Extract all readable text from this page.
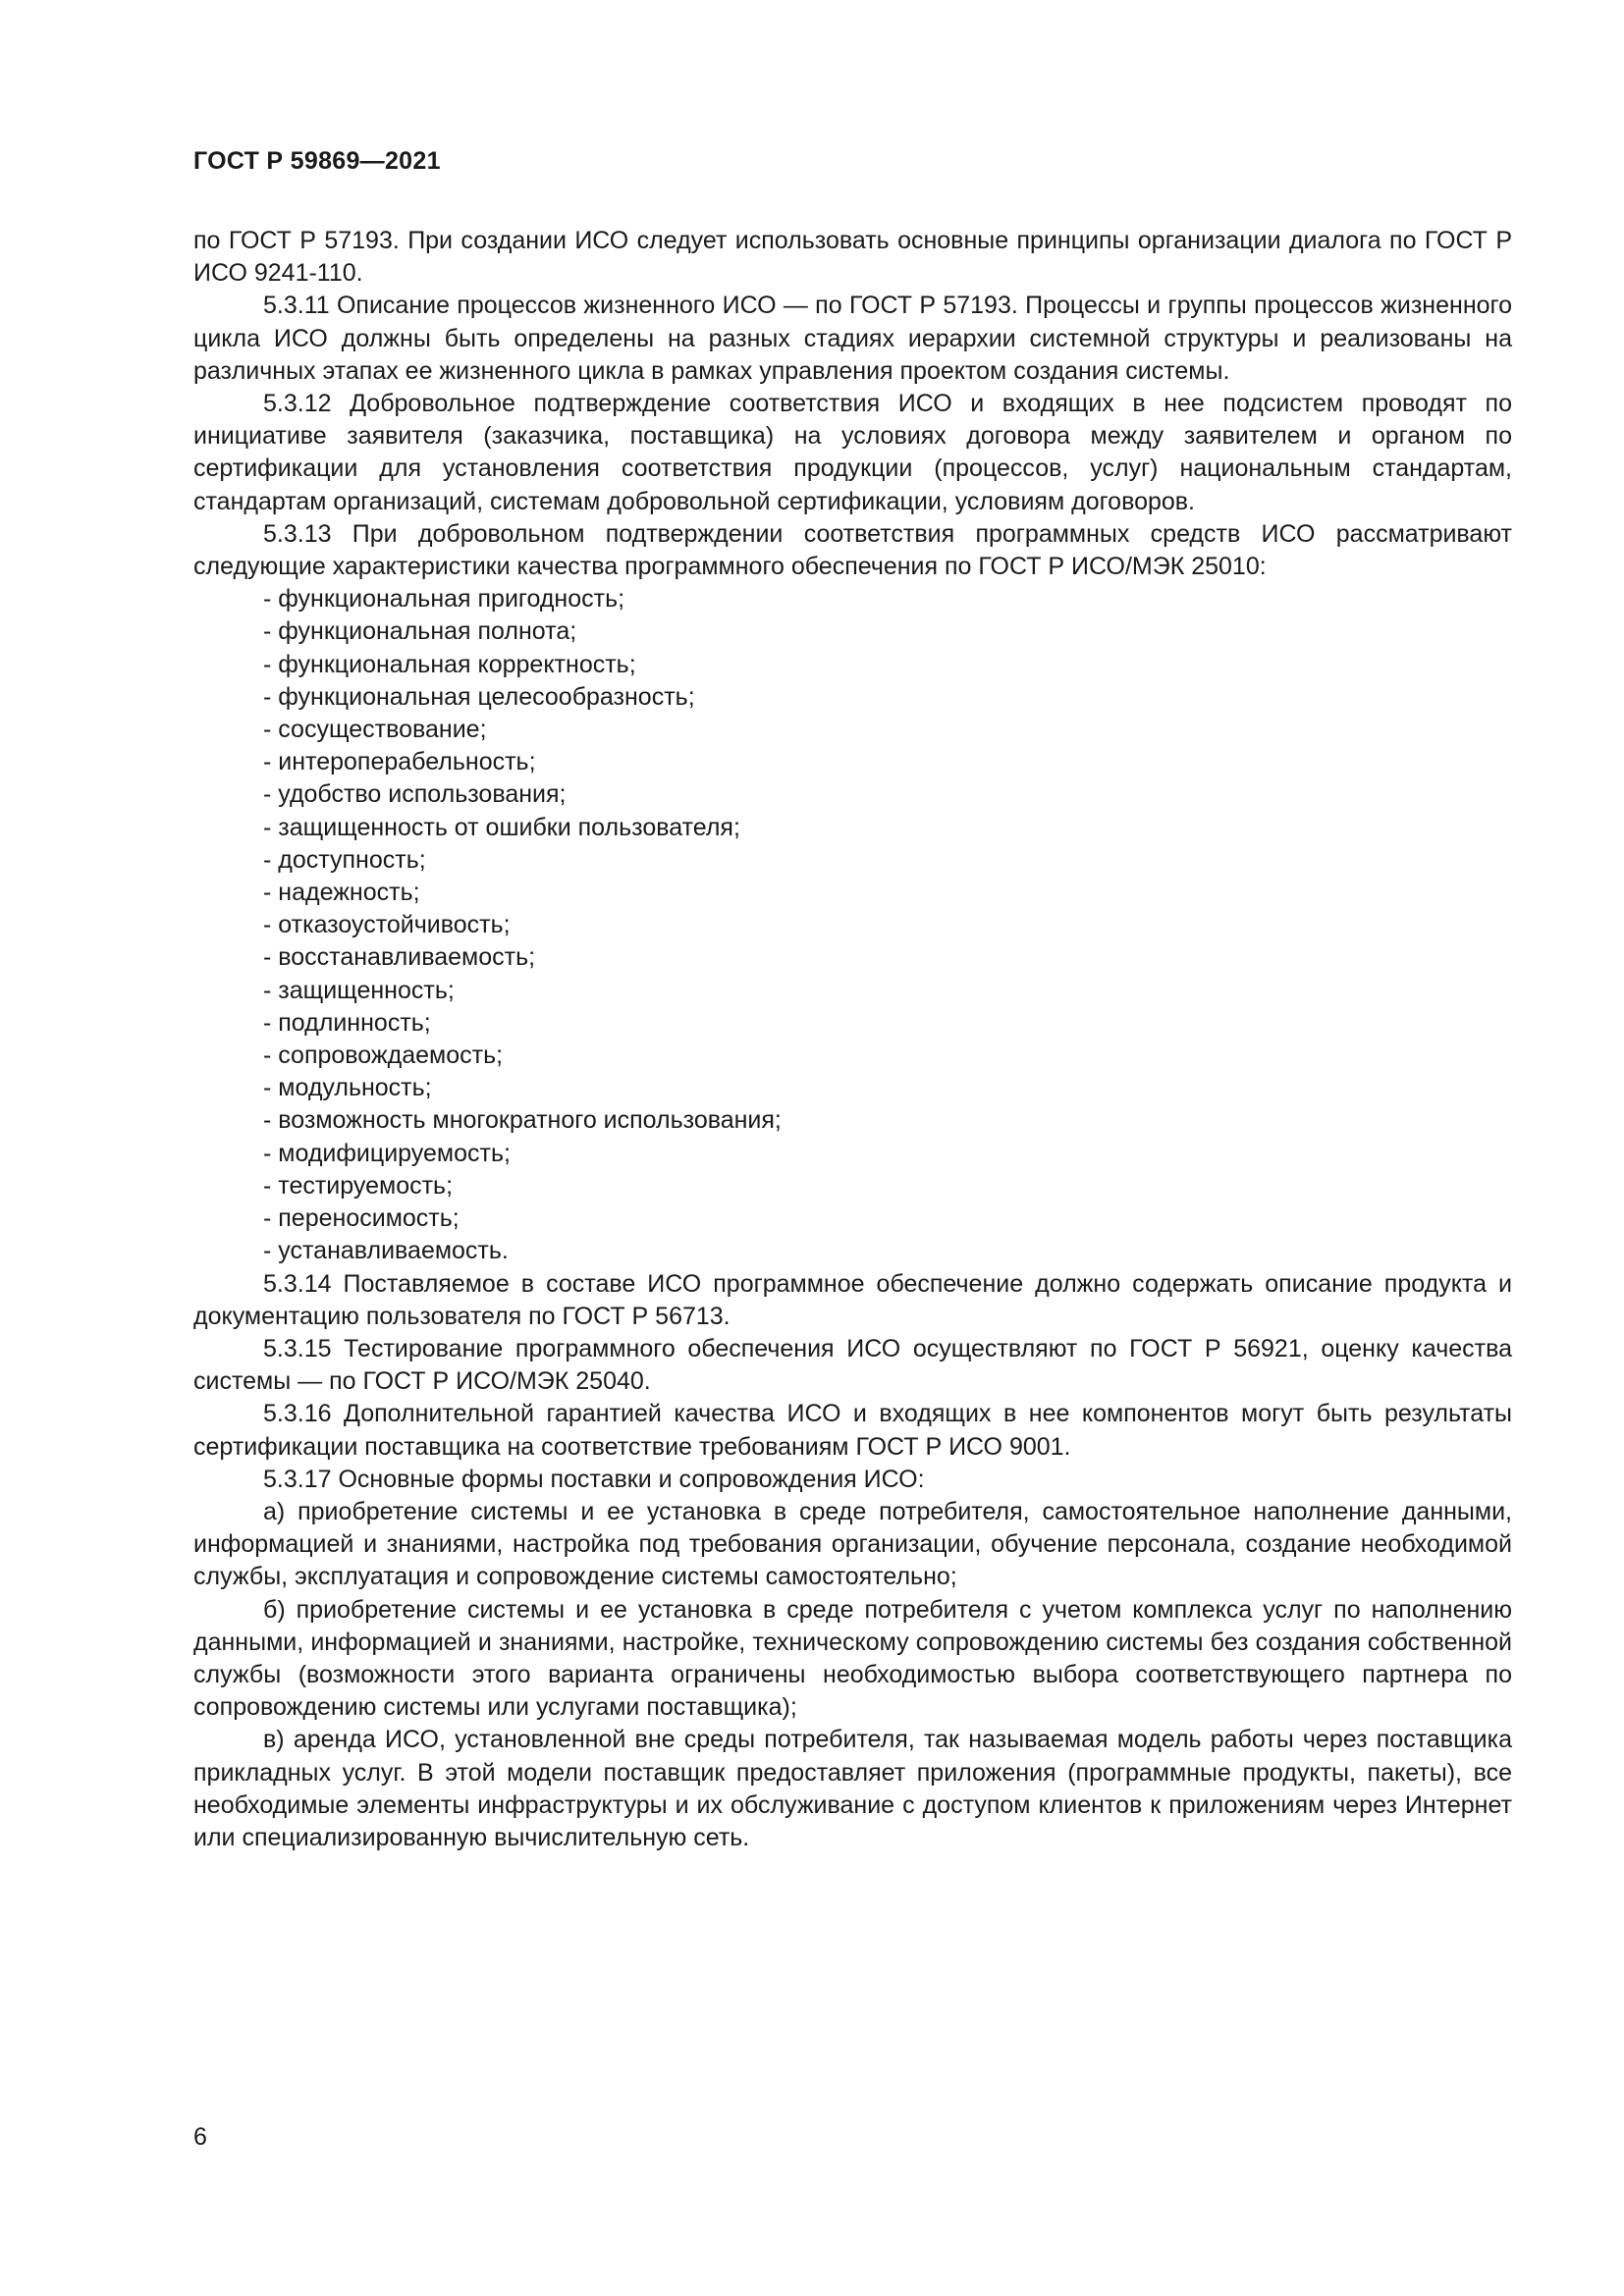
ГОСТ Р 59869—2021

по ГОСТ Р 57193. При создании ИСО следует использовать основные принципы организации диалога по ГОСТ Р ИСО 9241-110.

5.3.11 Описание процессов жизненного ИСО — по ГОСТ Р 57193. Процессы и группы процессов жизненного цикла ИСО должны быть определены на разных стадиях иерархии системной структуры и реализованы на различных этапах ее жизненного цикла в рамках управления проектом создания системы.

5.3.12 Добровольное подтверждение соответствия ИСО и входящих в нее подсистем проводят по инициативе заявителя (заказчика, поставщика) на условиях договора между заявителем и органом по сертификации для установления соответствия продукции (процессов, услуг) национальным стандартам, стандартам организаций, системам добровольной сертификации, условиям договоров.

5.3.13 При добровольном подтверждении соответствия программных средств ИСО рассматривают следующие характеристики качества программного обеспечения по ГОСТ Р ИСО/МЭК 25010:

- функциональная пригодность;
- функциональная полнота;
- функциональная корректность;
- функциональная целесообразность;
- сосуществование;
- интероперабельность;
- удобство использования;
- защищенность от ошибки пользователя;
- доступность;
- надежность;
- отказоустойчивость;
- восстанавливаемость;
- защищенность;
- подлинность;
- сопровождаемость;
- модульность;
- возможность многократного использования;
- модифицируемость;
- тестируемость;
- переносимость;
- устанавливаемость.

5.3.14 Поставляемое в составе ИСО программное обеспечение должно содержать описание продукта и документацию пользователя по ГОСТ Р 56713.

5.3.15 Тестирование программного обеспечения ИСО осуществляют по ГОСТ Р 56921, оценку качества системы — по ГОСТ Р ИСО/МЭК 25040.

5.3.16 Дополнительной гарантией качества ИСО и входящих в нее компонентов могут быть результаты сертификации поставщика на соответствие требованиям ГОСТ Р ИСО 9001.

5.3.17 Основные формы поставки и сопровождения ИСО:

а) приобретение системы и ее установка в среде потребителя, самостоятельное наполнение данными, информацией и знаниями, настройка под требования организации, обучение персонала, создание необходимой службы, эксплуатация и сопровождение системы самостоятельно;

б) приобретение системы и ее установка в среде потребителя с учетом комплекса услуг по наполнению данными, информацией и знаниями, настройке, техническому сопровождению системы без создания собственной службы (возможности этого варианта ограничены необходимостью выбора соответствующего партнера по сопровождению системы или услугами поставщика);

в) аренда ИСО, установленной вне среды потребителя, так называемая модель работы через поставщика прикладных услуг. В этой модели поставщик предоставляет приложения (программные продукты, пакеты), все необходимые элементы инфраструктуры и их обслуживание с доступом клиентов к приложениям через Интернет или специализированную вычислительную сеть.

6
